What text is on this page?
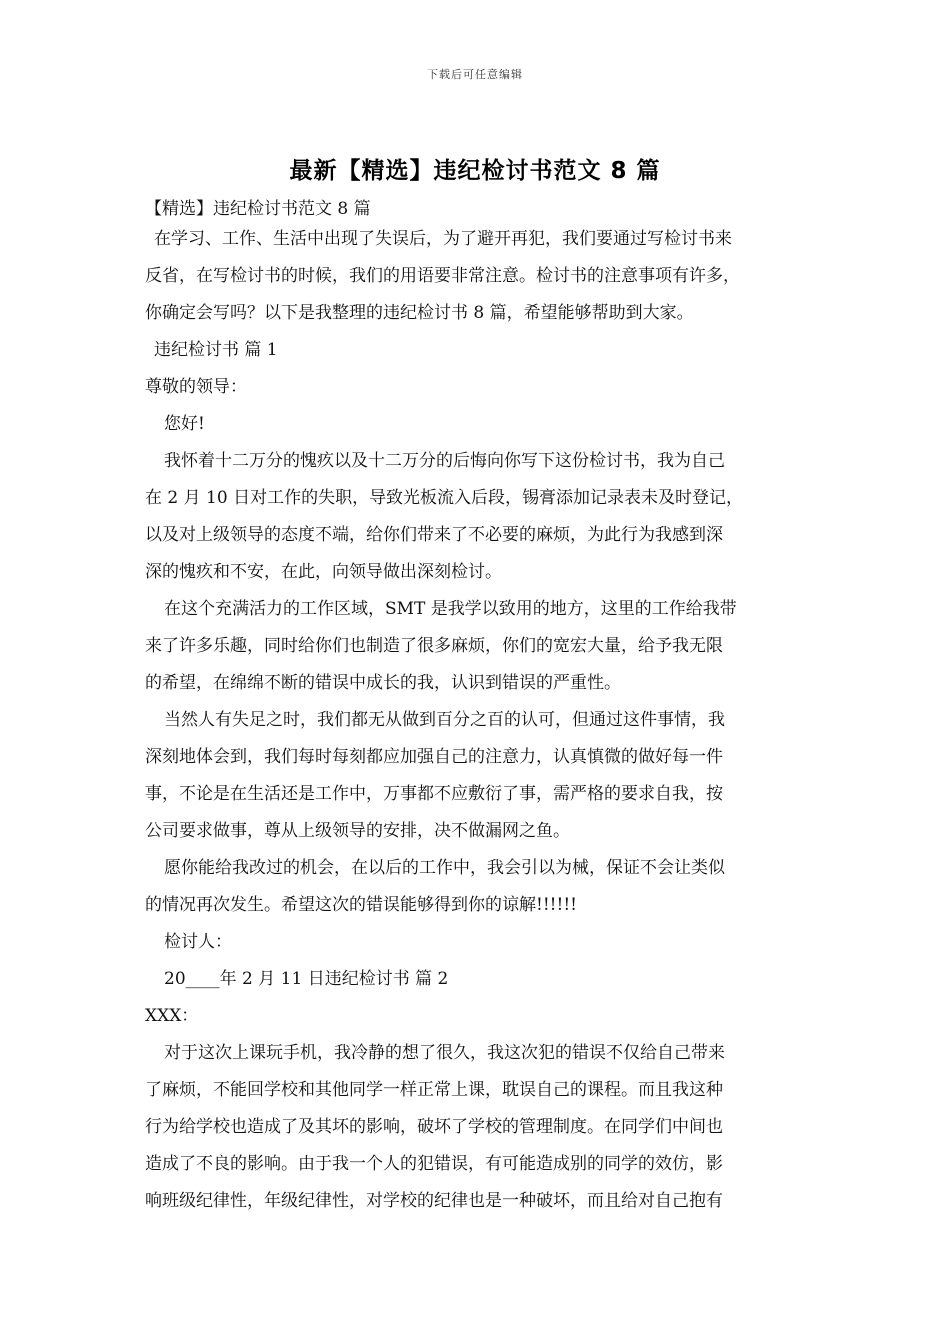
下载后可任意编辑
最新【精选】违纪检讨书范文 8 篇
【精选】违纪检讨书范文 8 篇
在学习、工作、生活中出现了失误后，为了避开再犯，我们要通过写检讨书来
反省，在写检讨书的时候，我们的用语要非常注意。检讨书的注意事项有许多，
你确定会写吗？以下是我整理的违纪检讨书 8 篇，希望能够帮助到大家。
违纪检讨书 篇 1
尊敬的领导：
您好!
我怀着十二万分的愧疚以及十二万分的后悔向你写下这份检讨书，我为自己
在 2 月 10 日对工作的失职，导致光板流入后段，锡膏添加记录表未及时登记，
以及对上级领导的态度不端，给你们带来了不必要的麻烦，为此行为我感到深
深的愧疚和不安，在此，向领导做出深刻检讨。
在这个充满活力的工作区域，SMT 是我学以致用的地方，这里的工作给我带
来了许多乐趣，同时给你们也制造了很多麻烦，你们的宽宏大量，给予我无限
的希望，在绵绵不断的错误中成长的我，认识到错误的严重性。
当然人有失足之时，我们都无从做到百分之百的认可，但通过这件事情，我
深刻地体会到，我们每时每刻都应加强自己的注意力，认真慎微的做好每一件
事，不论是在生活还是工作中，万事都不应敷衍了事，需严格的要求自我，按
公司要求做事，尊从上级领导的安排，决不做漏网之鱼。
愿你能给我改过的机会，在以后的工作中，我会引以为械，保证不会让类似
的情况再次发生。希望这次的错误能够得到你的谅解!!!!!!
检讨人：
20____年 2 月 11 日违纪检讨书 篇 2
XXX：
对于这次上课玩手机，我冷静的想了很久，我这次犯的错误不仅给自己带来
了麻烦，不能回学校和其他同学一样正常上课，耽误自己的课程。而且我这种
行为给学校也造成了及其坏的影响，破坏了学校的管理制度。在同学们中间也
造成了不良的影响。由于我一个人的犯错误，有可能造成别的同学的效仿，影
响班级纪律性，年级纪律性，对学校的纪律也是一种破坏，而且给对自己抱有
